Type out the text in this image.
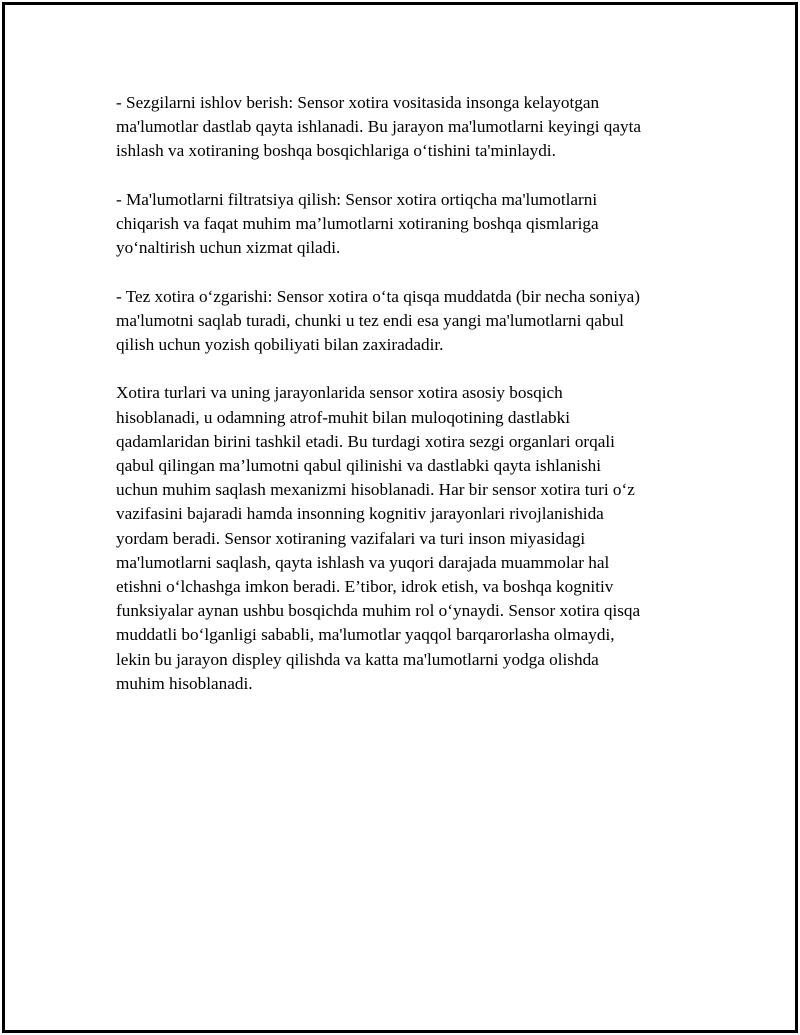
- Sezgilarni ishlov berish: Sensor xotira vositasida insonga kelayotgan
ma'lumotlar dastlab qayta ishlanadi. Bu jarayon ma'lumotlarni keyingi qayta
ishlash va xotiraning boshqa bosqichlariga o‘tishini ta'minlaydi.

- Ma'lumotlarni filtratsiya qilish: Sensor xotira ortiqcha ma'lumotlarni
chiqarish va faqat muhim ma’lumotlarni xotiraning boshqa qismlariga
yo‘naltirish uchun xizmat qiladi.

- Tez xotira o‘zgarishi: Sensor xotira o‘ta qisqa muddatda (bir necha soniya)
ma'lumotni saqlab turadi, chunki u tez endi esa yangi ma'lumotlarni qabul
qilish uchun yozish qobiliyati bilan zaxiradadir.

Xotira turlari va uning jarayonlarida sensor xotira asosiy bosqich
hisoblanadi, u odamning atrof-muhit bilan muloqotining dastlabki
qadamlaridan birini tashkil etadi. Bu turdagi xotira sezgi organlari orqali
qabul qilingan ma’lumotni qabul qilinishi va dastlabki qayta ishlanishi
uchun muhim saqlash mexanizmi hisoblanadi. Har bir sensor xotira turi o‘z
vazifasini bajaradi hamda insonning kognitiv jarayonlari rivojlanishida
yordam beradi. Sensor xotiraning vazifalari va turi inson miyasidagi
ma'lumotlarni saqlash, qayta ishlash va yuqori darajada muammolar hal
etishni o‘lchashga imkon beradi. E’tibor, idrok etish, va boshqa kognitiv
funksiyalar aynan ushbu bosqichda muhim rol o‘ynaydi. Sensor xotira qisqa
muddatli bo‘lganligi sababli, ma'lumotlar yaqqol barqarorlasha olmaydi,
lekin bu jarayon displey qilishda va katta ma'lumotlarni yodga olishda
muhim hisoblanadi.
